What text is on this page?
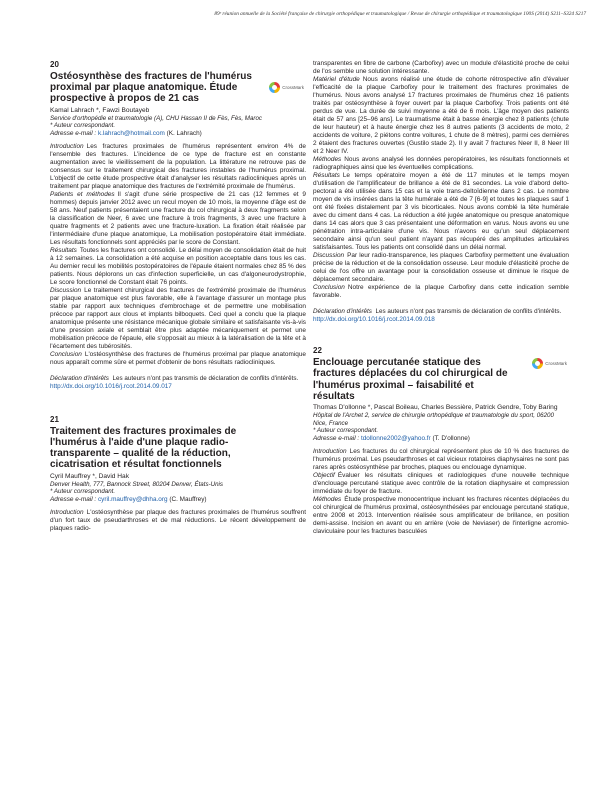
89ᵉ réunion annuelle de la Société française de chirurgie orthopédique et traumatologique / Revue de chirurgie orthopédique et traumatologique 100S (2014) S211–S324 S217
20
CrossMark
Ostéosynthèse des fractures de l'humérus proximal par plaque anatomique. Étude prospective à propos de 21 cas
Kamal Lahrach *, Fawzi Boutayeb
Service d'orthopédie et traumatologie (A), CHU Hassan II de Fès, Fès, Maroc
* Auteur correspondant.
Adresse e-mail : k.lahrach@hotmail.com (K. Lahrach)

Introduction Les fractures proximales de l'humérus représentent environ 4% de l'ensemble des fractures. L'incidence de ce type de fracture est en constante augmentation avec le vieillissement de la population. La littérature ne retrouve pas de consensus sur le traitement chirurgical des fractures instables de l'humérus proximal. L'objectif de cette étude prospective était d'analyser les résultats radiocliniques après un traitement par plaque anatomique des fractures de l'extrémité proximale de l'humérus.

Patients et méthodes Il s'agit d'une série prospective de 21 cas (12 femmes et 9 hommes) depuis janvier 2012 avec un recul moyen de 10 mois, la moyenne d'âge est de 58 ans. Neuf patients présentaient une fracture du col chirurgical à deux fragments selon la classification de Neer, 6 avec une fracture à trois fragments, 3 avec une fracture à quatre fragments et 2 patients avec une fracture-luxation. La fixation était réalisée par l'intermédiaire d'une plaque anatomique, La mobilisation postopératoire était immédiate. Les résultats fonctionnels sont appréciés par le score de Constant.

Résultats Toutes les fractures ont consolidé. Le délai moyen de consolidation était de huit à 12 semaines. La consolidation a été acquise en position acceptable dans tous les cas. Au dernier recul les mobilités postopératoires de l'épaule étaient normales chez 85 % des patients. Nous déplorons un cas d'infection superficielle, un cas d'algoneurodystrophie, Le score fonctionnel de Constant était 76 points.

Discussion Le traitement chirurgical des fractures de l'extrémité proximale de l'humérus par plaque anatomique est plus favorable, elle à l'avantage d'assurer un montage plus stable par rapport aux techniques d'embrochage et de permettre une mobilisation précoce par rapport aux clous et implants bilboquets. Ceci quel a conclu que la plaque anatomique présente une résistance mécanique globale similaire et satisfaisante vis-à-vis d'une pression axiale et semblait être plus adaptée mécaniquement et permet une mobilisation précoce de l'épaule, elle s'opposait au mieux à la latéralisation de la tête et à l'écartement des tubérosités.

Conclusion L'ostéosynthèse des fractures de l'humérus proximal par plaque anatomique nous apparaît comme sûre et permet d'obtenir de bons résultats radiocliniques.

Déclaration d'intérêts Les auteurs n'ont pas transmis de déclaration de conflits d'intérêts.
http://dx.doi.org/10.1016/j.rcot.2014.09.017
21
Traitement des fractures proximales de l'humérus à l'aide d'une plaque radio-transparente – qualité de la réduction, cicatrisation et résultat fonctionnels
Cyril Mauffrey *, David Hak
Denver Health, 777, Bannock Street, 80204 Denver, États-Unis
* Auteur correspondant.
Adresse e-mail : cyril.mauffrey@dhha.org (C. Mauffrey)

Introduction L'ostéosynthèse par plaque des fractures proximales de l'humérus souffrent d'un fort taux de pseudarthroses et de mal réductions. Le récent développement de plaques radio-

transparentes en fibre de carbone (Carbofixy) avec un module d'élasticité proche de celui de l'os semble une solution intéressante.

Matériel d'étude Nous avons réalisé une étude de cohorte rétrospective afin d'évaluer l'efficacité de la plaque Carbofixy pour le traitement des fractures proximales de l'humérus. Nous avons analysé 17 fractures proximales de l'humérus chez 16 patients traités par ostéosynthèse à foyer ouvert par la plaque Carbofixy. Trois patients ont été perdus de vue. La durée de suivi moyenne a été de 6 mois. L'âge moyen des patients était de 57 ans [25–96 ans]. Le traumatisme était à basse énergie chez 8 patients (chute de leur hauteur) et à haute énergie chez les 8 autres patients (3 accidents de moto, 2 accidents de voiture, 2 piétons contre voitures, 1 chute de 8 mètres), parmi ces dernières 2 étaient des fractures ouvertes (Gustilo stade 2). Il y avait 7 fractures Neer II, 8 Neer III et 2 Neer IV.

Méthodes Nous avons analysé les données peropératoires, les résultats fonctionnels et radiographiques ainsi que les éventuelles complications.

Résultats Le temps opératoire moyen a été de 117 minutes et le temps moyen d'utilisation de l'amplificateur de brillance a été de 81 secondes. La voie d'abord delto-pectoral a été utilisée dans 15 cas et la voie trans-deltoïdienne dans 2 cas. Le nombre moyen de vis insérées dans la tête humérale a été de 7 [6-9] et toutes les plaques sauf 1 ont été fixées distalement par 3 vis bicorticales. Nous avons comblé la tête humérale avec du ciment dans 4 cas. La réduction a été jugée anatomique ou presque anatomique dans 14 cas alors que 3 cas présentaient une déformation en varus. Nous avons eu une pénétration intra-articulaire d'une vis. Nous n'avons eu qu'un seul déplacement secondaire ainsi qu'un seul patient n'ayant pas récupéré des amplitudes articulaires satisfaisantes. Tous les patients ont consolidé dans un délai normal.

Discussion Par leur radio-transparence, les plaques Carbofixy permettent une évaluation précise de la réduction et de la consolidation osseuse. Leur module d'élasticité proche de celui de l'os offre un avantage pour la consolidation osseuse et diminue le risque de déplacement secondaire.

Conclusion Notre expérience de la plaque Carbofixy dans cette indication semble favorable.

Déclaration d'intérêts Les auteurs n'ont pas transmis de déclaration de conflits d'intérêts.
http://dx.doi.org/10.1016/j.rcot.2014.09.018
22
CrossMark
Enclouage percutanée statique des fractures déplacées du col chirurgical de l'humérus proximal – faisabilité et résultats
Thomas D'ollonne *, Pascal Boileau, Charles Bessière, Patrick Gendre, Toby Baring
Hôpital de l'Archet 2, service de chirurgie orthopédique et traumatologie du sport, 06200 Nice, France
* Auteur correspondant.
Adresse e-mail : tdollonne2002@yahoo.fr (T. D'ollonne)

Introduction Les fractures du col chirurgical représentent plus de 10 % des fractures de l'humérus proximal. Les pseudarthroses et cal vicieux rotatoires diaphysaires ne sont pas rares après ostéosynthèse par broches, plaques ou enclouage dynamique.

Objectif Évaluer les résultats cliniques et radiologiques d'une nouvelle technique d'enclouage percutané statique avec contrôle de la rotation diaphysaire et compression immédiate du foyer de fracture.

Méthodes Étude prospective monocentrique incluant les fractures récentes déplacées du col chirurgical de l'humérus proximal, ostéosynthésées par enclouage percutané statique, entre 2008 et 2013. Intervention réalisée sous amplificateur de brillance, en position demi-assise. Incision en avant ou en arrière (voie de Neviaser) de l'interligne acromio-claviculaire pour les fractures basculées
